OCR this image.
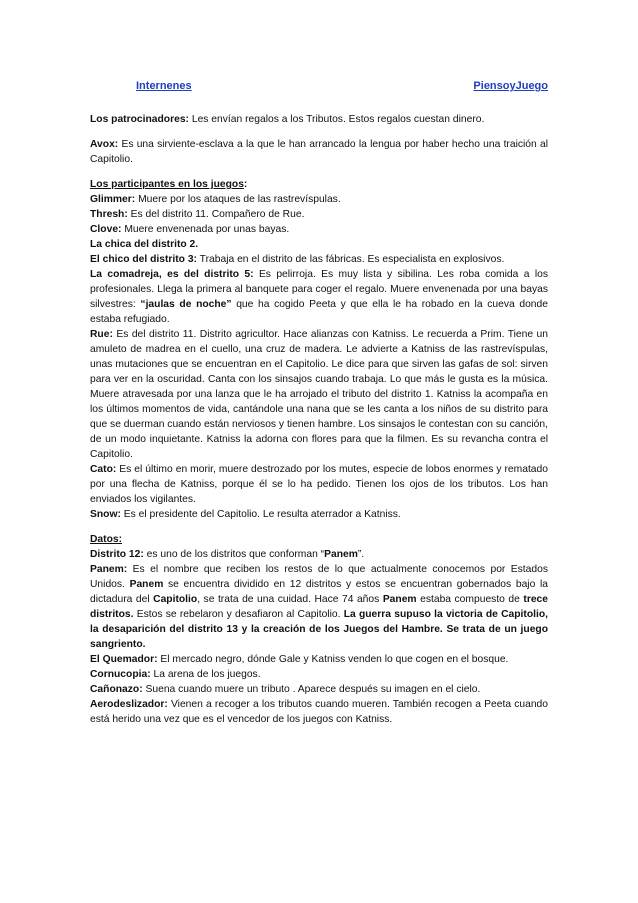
Internenes	PiensoyJuego

Los patrocinadores: Les envían regalos a los Tributos. Estos regalos cuestan dinero.

Avox: Es una sirviente-esclava a la que le han arrancado la lengua por haber hecho una traición al Capitolio.

Los participantes en los juegos:

Glimmer: Muere por los ataques de las rastrevíspulas.

Thresh: Es del distrito 11. Compañero de Rue.

Clove: Muere envenenada por unas bayas.

La chica del distrito 2.

El chico del distrito 3: Trabaja en el distrito de las fábricas. Es especialista en explosivos.

La comadreja, es del distrito 5: Es pelirroja. Es muy lista y sibilina. Les roba comida a los profesionales. Llega la primera al banquete para coger el regalo. Muere envenenada por una bayas silvestres: “jaulas de noche” que ha cogido Peeta y que ella le ha robado en la cueva donde estaba refugiado.

Rue: Es del distrito 11. Distrito agricultor. Hace alianzas con Katniss. Le recuerda a Prim. Tiene un amuleto de madrea en el cuello, una cruz de madera. Le advierte a Katniss de las rastrevíspulas, unas mutaciones que se encuentran en el Capitolio. Le dice para que sirven las gafas de sol: sirven para ver en la oscuridad. Canta con los sinsajos cuando trabaja. Lo que más le gusta es la música. Muere atravesada por una lanza que le ha arrojado el tributo del distrito 1. Katniss la acompaña en los últimos momentos de vida, cantándole una nana que se les canta a los niños de su distrito para que se duerman cuando están nerviosos y tienen hambre. Los sinsajos le contestan con su canción, de un modo inquietante. Katniss la adorna con flores para que la filmen. Es su revancha contra el Capitolio.

Cato: Es el último en morir, muere destrozado por los mutes, especie de lobos enormes y rematado por una flecha de Katniss, porque él se lo ha pedido. Tienen los ojos de los tributos. Los han enviados los vigilantes.

Snow: Es el presidente del Capitolio. Le resulta aterrador a Katniss.

Datos:

Distrito 12: es uno de los distritos que conforman “Panem”.

Panem: Es el nombre que reciben los restos de lo que actualmente conocemos por Estados Unidos. Panem se encuentra dividido en 12 distritos y estos se encuentran gobernados bajo la dictadura del Capitolio, se trata de una cuidad. Hace 74 años Panem estaba compuesto de trece distritos. Estos se rebelaron y desafiaron al Capitolio. La guerra supuso la victoria de Capitolio, la desaparición del distrito 13 y la creación de los Juegos del Hambre. Se trata de un juego sangriento.

El Quemador: El mercado negro, dónde Gale y Katniss venden lo que cogen en el bosque.

Cornucopia: La arena de los juegos.

Cañonazo: Suena cuando muere un tributo . Aparece después su imagen en el cielo.

Aerodeslizador: Vienen a recoger a los tributos cuando mueren. También recogen a Peeta cuando está herido una vez que es el vencedor de los juegos con Katniss.
